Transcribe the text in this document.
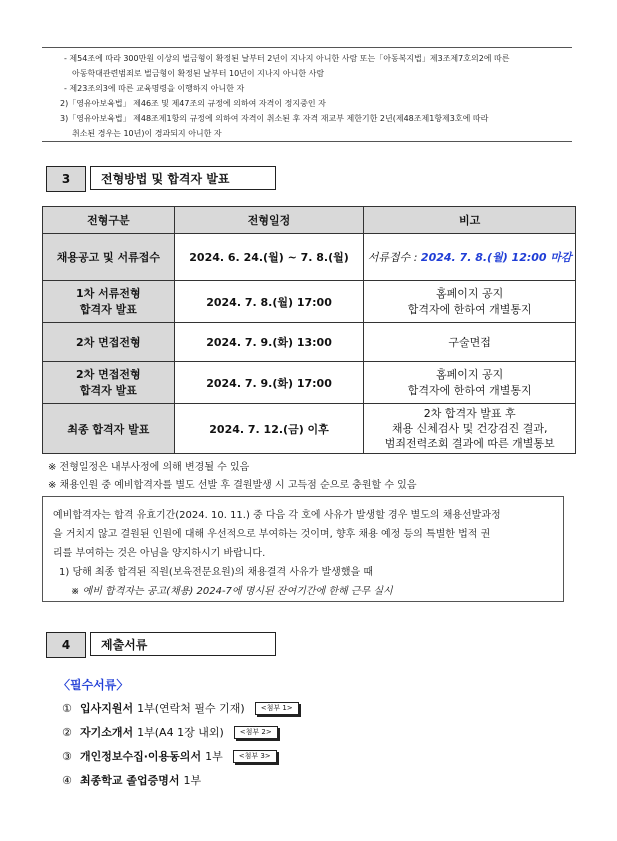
- 제54조에 따라 300만원 이상의 벌금형이 확정된 날부터 2년이 지나지 아니한 사람 또는「아동복지법」제3조제7호의2에 따른
아동학대관련범죄로 벌금형이 확정된 날부터 10년이 지나지 아니한 사람
- 제23조의3에 따른 교육명령을 이행하지 아니한 자
2)「영유아보육법」 제46조 및 제47조의 규정에 의하여 자격이 정지중인 자
3)「영유아보육법」 제48조제1항의 규정에 의하여 자격이 취소된 후 자격 재교부 제한기한 2년(제48조제1항제3호에 따라
취소된 경우는 10년)이 경과되지 아니한 자
3	전형방법 및 합격자 발표
전형구분	전형일정	비고
채용공고 및 서류접수	2024. 6. 24.(월) ~ 7. 8.(월)	서류접수 : 2024. 7. 8.(월) 12:00 마감
1차 서류전형
합격자 발표	2024. 7. 8.(월) 17:00	홈페이지 공지
합격자에 한하여 개별통지
2차 면접전형	2024. 7. 9.(화) 13:00	구술면접
2차 면접전형
합격자 발표	2024. 7. 9.(화) 17:00	홈페이지 공지
합격자에 한하여 개별통지
최종 합격자 발표	2024. 7. 12.(금) 이후	2차 합격자 발표 후
채용 신체검사 및 건강검진 결과,
범죄전력조회 결과에 따른 개별통보
※ 전형일정은 내부사정에 의해 변경될 수 있음
※ 채용인원 중 예비합격자를 별도 선발 후 결원발생 시 고득점 순으로 충원할 수 있음
예비합격자는 합격 유효기간(2024. 10. 11.) 중 다음 각 호에 사유가 발생할 경우 별도의 채용선발과정
을 거치지 않고 결원된 인원에 대해 우선적으로 부여하는 것이며, 향후 채용 예정 등의 특별한 법적 권
리를 부여하는 것은 아님을 양지하시기 바랍니다.
1) 당해 최종 합격된 직원(보육전문요원)의 채용결격 사유가 발생했을 때
※ 예비 합격자는 공고(채용) 2024-7에 명시된 잔여기간에 한해 근무 실시
4	제출서류
〈필수서류〉
① 입사지원서 1부(연락처 필수 기재)	<첨부 1>
② 자기소개서 1부(A4 1장 내외)	<첨부 2>
③ 개인정보수집·이용동의서 1부	<첨부 3>
④ 최종학교 졸업증명서 1부
